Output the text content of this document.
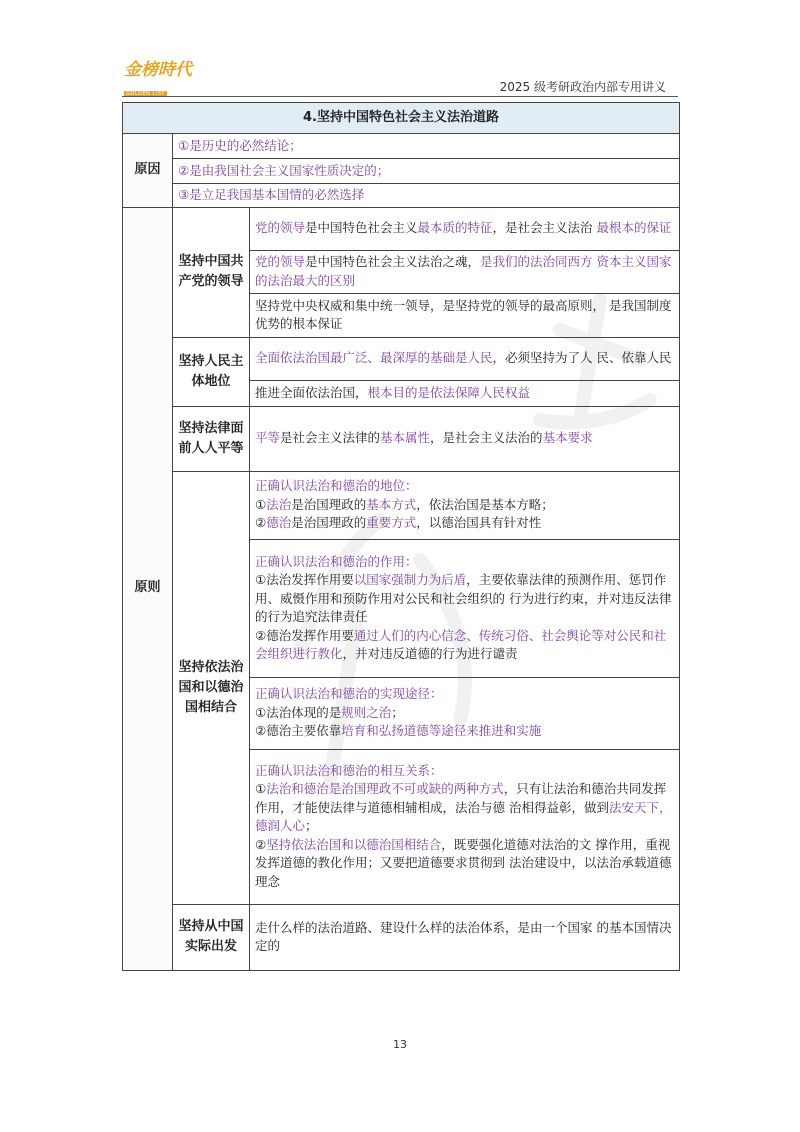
金榜時代
GOLDEN LIST	2025 级考研政治内部专用讲义
4.坚持中国特色社会主义法治道路		
原因	①是历史的必然结论；	
	②是由我国社会主义国家性质决定的；	
	③是立足我国基本国情的必然选择	
原则	坚持中国共产党的领导	党的领导是中国特色社会主义最本质的特征，是社会主义法治 最根本的保证
		党的领导是中国特色社会主义法治之魂，是我们的法治同西方 资本主义国家的法治最大的区别
		坚持党中央权威和集中统一领导，是坚持党的领导的最高原则， 是我国制度优势的根本保证
	坚持人民主体地位	全面依法治国最广泛、最深厚的基础是人民，必须坚持为了人 民、依靠人民
		推进全面依法治国，根本目的是依法保障人民权益
	坚持法律面前人人平等	平等是社会主义法律的基本属性，是社会主义法治的基本要求
	坚持依法治国和以德治国相结合	正确认识法治和德治的地位：
①法治是治国理政的基本方式，依法治国是基本方略；
②德治是治国理政的重要方式，以德治国具有针对性

		正确认识法治和德治的作用：
①法治发挥作用要以国家强制力为后盾，主要依靠法律的预测作用、惩罚作用、威慑作用和预防作用对公民和社会组织的 行为进行约束，并对违反法律的行为追究法律责任
②德治发挥作用要通过人们的内心信念、传统习俗、社会舆论等对公民和社会组织进行教化，并对违反道德的行为进行谴责

		正确认识法治和德治的实现途径：
①法治体现的是规则之治；
②德治主要依靠培育和弘扬道德等途径来推进和实施

		正确认识法治和德治的相互关系：
①法治和德治是治国理政不可或缺的两种方式，只有让法治和德治共同发挥作用，才能使法律与道德相辅相成，法治与德 治相得益彰，做到法安天下，德润人心；
②坚持依法治国和以德治国相结合，既要强化道德对法治的文 撑作用，重视发挥道德的教化作用；又要把道德要求贯彻到 法治建设中，以法治承载道德理念

	坚持从中国实际出发	走什么样的法治道路、建设什么样的法治体系，是由一个国家 的基本国情决定的
13
